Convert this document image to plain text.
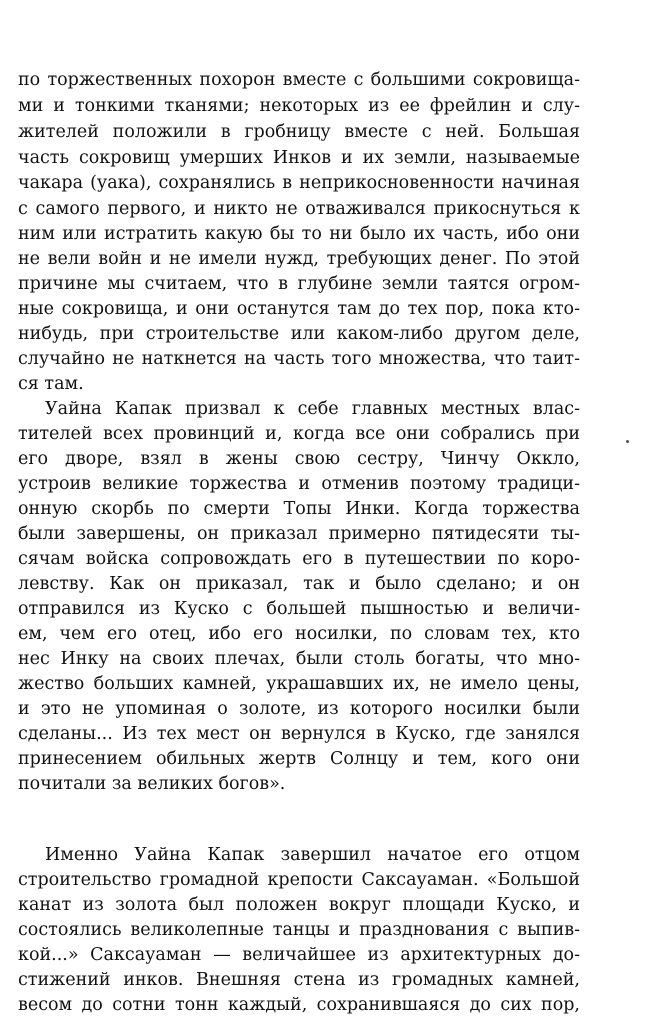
по торжественных похорон вместе с большими сокровища-
ми и тонкими тканями; некоторых из ее фрейлин и слу-
жителей положили в гробницу вместе с ней. Большая
часть сокровищ умерших Инков и их земли, называемые
чакара (уака), сохранялись в неприкосновенности начиная
с самого первого, и никто не отваживался прикоснуться к
ним или истратить какую бы то ни было их часть, ибо они
не вели войн и не имели нужд, требующих денег. По этой
причине мы считаем, что в глубине земли таятся огром-
ные сокровища, и они останутся там до тех пор, пока кто-
нибудь, при строительстве или каком-либо другом деле,
случайно не наткнется на часть того множества, что таит-
ся там.
Уайна Капак призвал к себе главных местных влас-
тителей всех провинций и, когда все они собрались при
его дворе, взял в жены свою сестру, Чинчу Оккло,
устроив великие торжества и отменив поэтому традици-
онную скорбь по смерти Топы Инки. Когда торжества
были завершены, он приказал примерно пятидесяти ты-
сячам войска сопровождать его в путешествии по коро-
левству. Как он приказал, так и было сделано; и он
отправился из Куско с большей пышностью и величи-
ем, чем его отец, ибо его носилки, по словам тех, кто
нес Инку на своих плечах, были столь богаты, что мно-
жество больших камней, украшавших их, не имело цены,
и это не упоминая о золоте, из которого носилки были
сделаны... Из тех мест он вернулся в Куско, где занялся
принесением обильных жертв Солнцу и тем, кого они
почитали за великих богов».
Именно Уайна Капак завершил начатое его отцом
строительство громадной крепости Саксауаман. «Большой
канат из золота был положен вокруг площади Куско, и
состоялись великолепные танцы и празднования с выпив-
кой...» Саксауаман — величайшее из архитектурных до-
стижений инков. Внешняя стена из громадных камней,
весом до сотни тонн каждый, сохранившаяся до сих пор,
